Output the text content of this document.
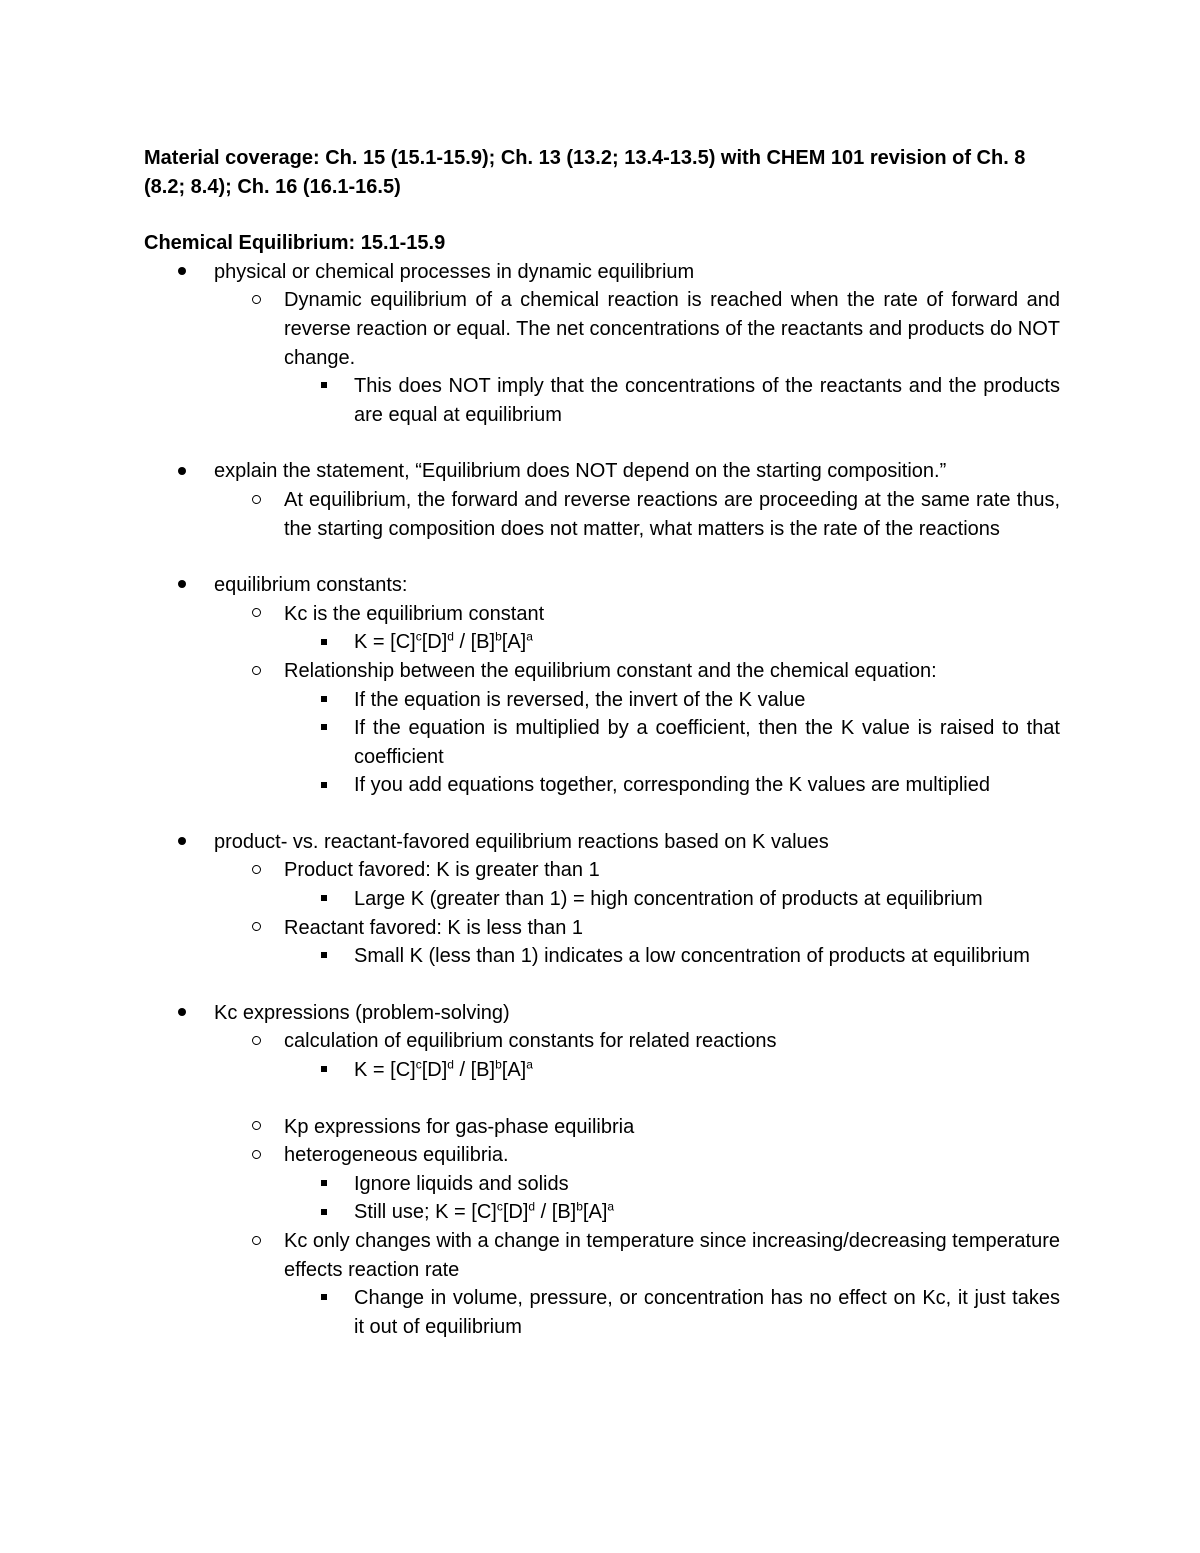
Material coverage: Ch. 15 (15.1-15.9); Ch. 13 (13.2; 13.4-13.5) with CHEM 101 revision of Ch. 8 (8.2; 8.4); Ch. 16 (16.1-16.5)

Chemical Equilibrium: 15.1-15.9

physical or chemical processes in dynamic equilibrium
Dynamic equilibrium of a chemical reaction is reached when the rate of forward and reverse reaction or equal. The net concentrations of the reactants and products do NOT change.
This does NOT imply that the concentrations of the reactants and the products are equal at equilibrium
explain the statement, “Equilibrium does NOT depend on the starting composition.”
At equilibrium, the forward and reverse reactions are proceeding at the same rate thus, the starting composition does not matter, what matters is the rate of the reactions
equilibrium constants:
Kc is the equilibrium constant
$K = [C]^c[D]^d / [B]^b[A]^a$
Relationship between the equilibrium constant and the chemical equation:
If the equation is reversed, the invert of the K value
If the equation is multiplied by a coefficient, then the K value is raised to that coefficient
If you add equations together, corresponding the K values are multiplied
product- vs. reactant-favored equilibrium reactions based on K values
Product favored: K is greater than 1
Large K (greater than 1) = high concentration of products at equilibrium
Reactant favored: K is less than 1
Small K (less than 1) indicates a low concentration of products at equilibrium
Kc expressions (problem-solving)
calculation of equilibrium constants for related reactions
$K = [C]^c[D]^d / [B]^b[A]^a$
Kp expressions for gas-phase equilibria
heterogeneous equilibria.
Ignore liquids and solids
Still use; $K = [C]^c[D]^d / [B]^b[A]^a$
Kc only changes with a change in temperature since increasing/decreasing temperature effects reaction rate
Change in volume, pressure, or concentration has no effect on Kc, it just takes it out of equilibrium
